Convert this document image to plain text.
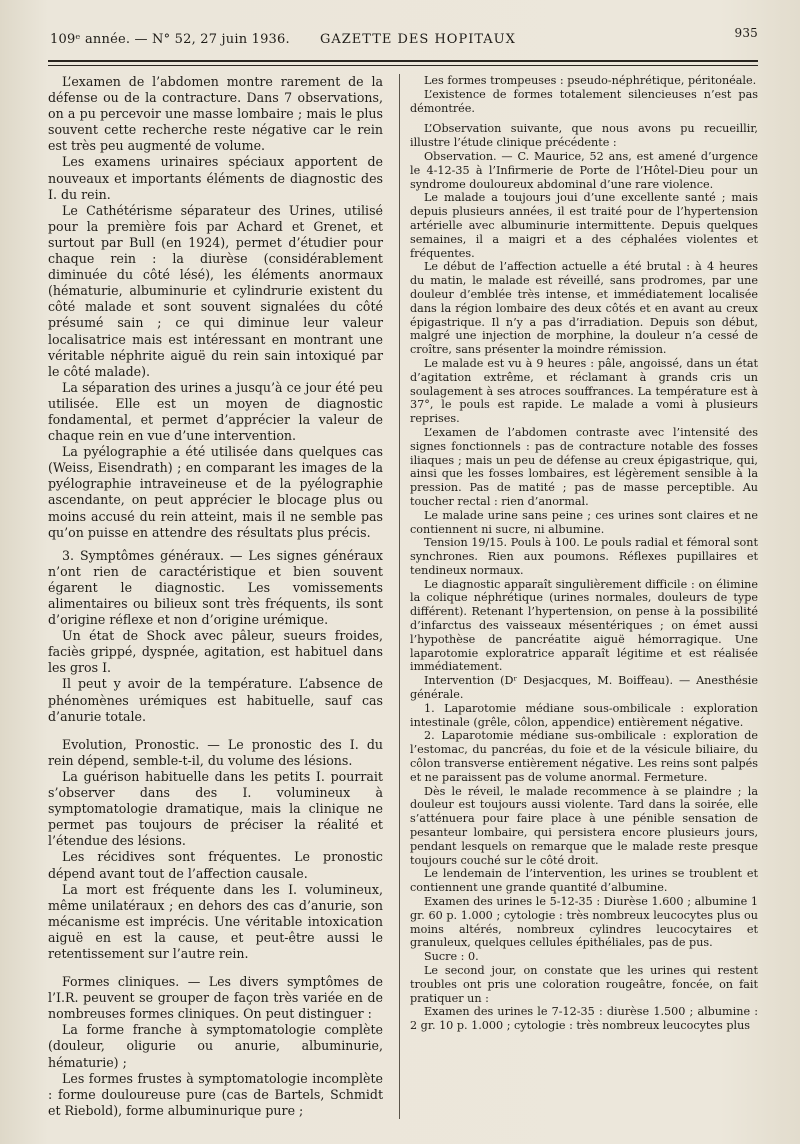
109ᵉ année. — N° 52, 27 juin 1936. GAZETTE DES HOPITAUX	935

L’examen de l’abdomen montre rarement de la défense ou de la contracture. Dans 7 observations, on a pu percevoir une masse lombaire ; mais le plus souvent cette recherche reste négative car le rein est très peu augmenté de volume.

Les examens urinaires spéciaux apportent de nouveaux et importants éléments de diagnostic des I. du rein.

Le Cathétérisme séparateur des Urines, utilisé pour la première fois par Achard et Grenet, et surtout par Bull (en 1924), permet d’étudier pour chaque rein : la diurèse (considérablement diminuée du côté lésé), les éléments anormaux (hématurie, albuminurie et cylindrurie existent du côté malade et sont souvent signalées du côté présumé sain ; ce qui diminue leur valeur localisatrice mais est intéressant en montrant une véritable néphrite aiguë du rein sain intoxiqué par le côté malade).

La séparation des urines a jusqu’à ce jour été peu utilisée. Elle est un moyen de diagnostic fondamental, et permet d’apprécier la valeur de chaque rein en vue d’une intervention.

La pyélographie a été utilisée dans quelques cas (Weiss, Eisendrath) ; en comparant les images de la pyélographie intraveineuse et de la pyélographie ascendante, on peut apprécier le blocage plus ou moins accusé du rein atteint, mais il ne semble pas qu’on puisse en attendre des résultats plus précis.

3. Symptômes généraux. — Les signes généraux n’ont rien de caractéristique et bien souvent égarent le diagnostic. Les vomissements alimentaires ou bilieux sont très fréquents, ils sont d’origine réflexe et non d’origine urémique.

Un état de Shock avec pâleur, sueurs froides, faciès grippé, dyspnée, agitation, est habituel dans les gros I.

Il peut y avoir de la température. L’absence de phénomènes urémiques est habituelle, sauf cas d’anurie totale.

Evolution, Pronostic. — Le pronostic des I. du rein dépend, semble-t-il, du volume des lésions.

La guérison habituelle dans les petits I. pourrait s’observer dans des I. volumineux à symptomatologie dramatique, mais la clinique ne permet pas toujours de préciser la réalité et l’étendue des lésions.

Les récidives sont fréquentes. Le pronostic dépend avant tout de l’affection causale.

La mort est fréquente dans les I. volumineux, même unilatéraux ; en dehors des cas d’anurie, son mécanisme est imprécis. Une véritable intoxication aiguë en est la cause, et peut-être aussi le retentissement sur l’autre rein.

Formes cliniques. — Les divers symptômes de l’I.R. peuvent se grouper de façon très variée en de nombreuses formes cliniques. On peut distinguer :

La forme franche à symptomatologie complète (douleur, oligurie ou anurie, albuminurie, hématurie) ;

Les formes frustes à symptomatologie incomplète : forme douloureuse pure (cas de Bartels, Schmidt et Riebold), forme albuminurique pure ;

Les formes trompeuses : pseudo-néphrétique, péritonéale.

L’existence de formes totalement silencieuses n’est pas démontrée.

L’Observation suivante, que nous avons pu recueillir, illustre l’étude clinique précédente :

Observation. — C. Maurice, 52 ans, est amené d’urgence le 4-12-35 à l’Infirmerie de Porte de l’Hôtel-Dieu pour un syndrome douloureux abdominal d’une rare violence.

Le malade a toujours joui d’une excellente santé ; mais depuis plusieurs années, il est traité pour de l’hypertension artérielle avec albuminurie intermittente. Depuis quelques semaines, il a maigri et a des céphalées violentes et fréquentes.

Le début de l’affection actuelle a été brutal : à 4 heures du matin, le malade est réveillé, sans prodromes, par une douleur d’emblée très intense, et immédiatement localisée dans la région lombaire des deux côtés et en avant au creux épigastrique. Il n’y a pas d’irradiation. Depuis son début, malgré une injection de morphine, la douleur n’a cessé de croître, sans présenter la moindre rémission.

Le malade est vu à 9 heures : pâle, angoissé, dans un état d’agitation extrême, et réclamant à grands cris un soulagement à ses atroces souffrances. La température est à 37°, le pouls est rapide. Le malade a vomi à plusieurs reprises.

L’examen de l’abdomen contraste avec l’intensité des signes fonctionnels : pas de contracture notable des fosses iliaques ; mais un peu de défense au creux épigastrique, qui, ainsi que les fosses lombaires, est légèrement sensible à la pression. Pas de matité ; pas de masse perceptible. Au toucher rectal : rien d’anormal.

Le malade urine sans peine ; ces urines sont claires et ne contiennent ni sucre, ni albumine.

Tension 19/15. Pouls à 100. Le pouls radial et fémoral sont synchrones. Rien aux poumons. Réflexes pupillaires et tendineux normaux.

Le diagnostic apparaît singulièrement difficile : on élimine la colique néphrétique (urines normales, douleurs de type différent). Retenant l’hypertension, on pense à la possibilité d’infarctus des vaisseaux mésentériques ; on émet aussi l’hypothèse de pancréatite aiguë hémorragique. Une laparotomie exploratrice apparaît légitime et est réalisée immédiatement.

Intervention (Dʳ Desjacques, M. Boiffeau). — Anesthésie générale.

1. Laparotomie médiane sous-ombilicale : exploration intestinale (grêle, côlon, appendice) entièrement négative.

2. Laparotomie médiane sus-ombilicale : exploration de l’estomac, du pancréas, du foie et de la vésicule biliaire, du côlon transverse entièrement négative. Les reins sont palpés et ne paraissent pas de volume anormal. Fermeture.

Dès le réveil, le malade recommence à se plaindre ; la douleur est toujours aussi violente. Tard dans la soirée, elle s’atténuera pour faire place à une pénible sensation de pesanteur lombaire, qui persistera encore plusieurs jours, pendant lesquels on remarque que le malade reste presque toujours couché sur le côté droit.

Le lendemain de l’intervention, les urines se troublent et contiennent une grande quantité d’albumine.

Examen des urines le 5-12-35 : Diurèse 1.600 ; albumine 1 gr. 60 p. 1.000 ; cytologie : très nombreux leucocytes plus ou moins altérés, nombreux cylindres leucocytaires et granuleux, quelques cellules épithéliales, pas de pus.

Sucre : 0.

Le second jour, on constate que les urines qui restent troubles ont pris une coloration rougeâtre, foncée, on fait pratiquer un :

Examen des urines le 7-12-35 : diurèse 1.500 ; albumine : 2 gr. 10 p. 1.000 ; cytologie : très nombreux leucocytes plus
